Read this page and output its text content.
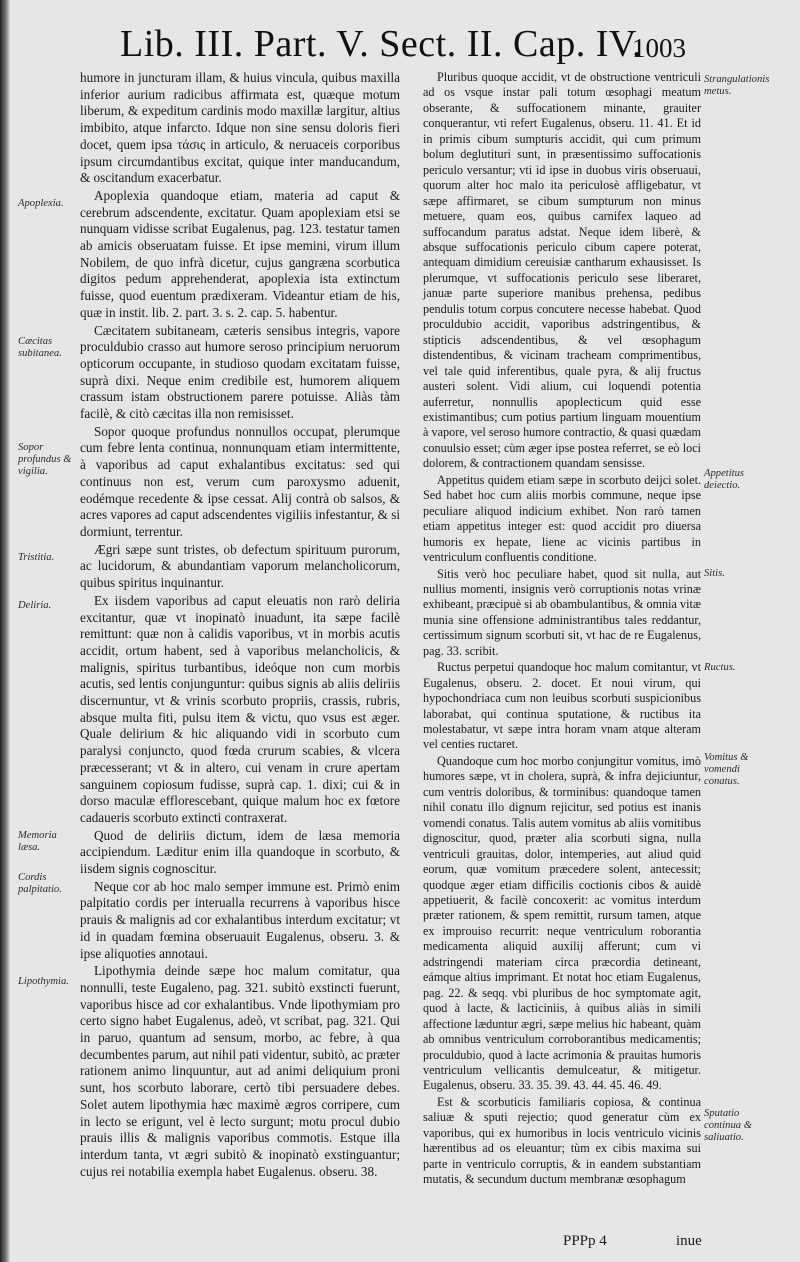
Lib. III. Part. V. Sect. II. Cap. IV.
1003

humore in juncturam illam, & huius vincula, quibus maxilla inferior aurium radicibus affirmata est, quæque motum liberum, & expeditum cardinis modo maxillæ largitur, altius imbibito, atque infarcto. Idque non sine sensu doloris fieri docet, quem ipsa τάσις in articulo, & neruaceis corporibus ipsum circumdantibus excitat, quique inter manducandum, & oscitandum exacerbatur.

Apoplexia quandoque etiam, materia ad caput & cerebrum adscendente, excitatur. Quam apoplexiam etsi se nunquam vidisse scribat Eugalenus, pag. 123. testatur tamen ab amicis obseruatam fuisse. Et ipse memini, virum illum Nobilem, de quo infrà dicetur, cujus gangræna scorbutica digitos pedum apprehenderat, apoplexia ista extinctum fuisse, quod euentum prædixeram. Videantur etiam de his, quæ in instit. lib. 2. part. 3. s. 2. cap. 5. habentur.

Cæcitatem subitaneam, cæteris sensibus integris, vapore proculdubio crasso aut humore seroso principium neruorum opticorum occupante, in studioso quodam excitatam fuisse, suprà dixi. Neque enim credibile est, humorem aliquem crassum istam obstructionem parere potuisse. Aliàs tàm facilè, & citò cæcitas illa non remisisset.

Sopor quoque profundus nonnullos occupat, plerumque cum febre lenta continua, nonnunquam etiam intermittente, à vaporibus ad caput exhalantibus excitatus: sed qui continuus non est, verum cum paroxysmo aduenit, eodémque recedente & ipse cessat. Alij contrà ob salsos, & acres vapores ad caput adscendentes vigiliis infestantur, & si dormiunt, terrentur.

Ægri sæpe sunt tristes, ob defectum spirituum purorum, ac lucidorum, & abundantiam vaporum melancholicorum, quibus spiritus inquinantur.

Ex iisdem vaporibus ad caput eleuatis non rarò deliria excitantur, quæ vt inopinatò inuadunt, ita sæpe facilè remittunt: quæ non à calidis vaporibus, vt in morbis acutis accidit, ortum habent, sed à vaporibus melancholicis, & malignis, spiritus turbantibus, ideóque non cum morbis acutis, sed lentis conjunguntur: quibus signis ab aliis deliriis discernuntur, vt & vrinis scorbuto propriis, crassis, rubris, absque multa fiti, pulsu item & victu, quo vsus est æger. Quale delirium & hic aliquando vidi in scorbuto cum paralysi conjuncto, quod fœda crurum scabies, & vlcera præcesserant; vt & in altero, cui venam in crure apertam sanguinem copiosum fudisse, suprà cap. 1. dixi; cui & in dorso maculæ efflorescebant, quique malum hoc ex fœtore cadaueris scorbuto extincti contraxerat.

Quod de deliriis dictum, idem de læsa memoria accipiendum. Læditur enim illa quandoque in scorbuto, & iisdem signis cognoscitur.

Neque cor ab hoc malo semper immune est. Primò enim palpitatio cordis per interualla recurrens à vaporibus hisce prauis & malignis ad cor exhalantibus interdum excitatur; vt id in quadam fœmina obseruauit Eugalenus, obseru. 3. & ipse aliquoties annotaui.

Lipothymia deinde sæpe hoc malum comitatur, qua nonnulli, teste Eugaleno, pag. 321. subitò exstincti fuerunt, vaporibus hisce ad cor exhalantibus. Vnde lipothymiam pro certo signo habet Eugalenus, adeò, vt scribat, pag. 321. Qui in paruo, quantum ad sensum, morbo, ac febre, à qua decumbentes parum, aut nihil pati videntur, subitò, ac præter rationem animo linquuntur, aut ad animi deliquium proni sunt, hos scorbuto laborare, certò tibi persuadere debes. Solet autem lipothymia hæc maximè ægros corripere, cum in lecto se erigunt, vel è lecto surgunt; motu procul dubio prauis illis & malignis vaporibus commotis. Estque illa interdum tanta, vt ægri subitò & inopinatò exstinguantur; cujus rei notabilia exempla habet Eugalenus. obseru. 38.

Pluribus quoque accidit, vt de obstructione ventriculi ad os vsque instar pali totum œsophagi meatum obserante, & suffocationem minante, grauiter conquerantur, vti refert Eugalenus, obseru. 11. 41. Et id in primis cibum sumpturis accidit, qui cum primum bolum deglutituri sunt, in præsentissimo suffocationis periculo versantur; vti id ipse in duobus viris obseruaui, quorum alter hoc malo ita periculosè affligebatur, vt sæpe affirmaret, se cibum sumpturum non minus metuere, quam eos, quibus carnifex laqueo ad suffocandum paratus adstat. Neque idem liberè, & absque suffocationis periculo cibum capere poterat, antequam dimidium cereuisiæ cantharum exhausisset. Is plerumque, vt suffocationis periculo sese liberaret, januæ parte superiore manibus prehensa, pedibus pendulis totum corpus concutere necesse habebat. Quod proculdubio accidit, vaporibus adstringentibus, & stipticis adscendentibus, & vel œsophagum distendentibus, & vicinam tracheam comprimentibus, vel tale quid inferentibus, quale pyra, & alij fructus austeri solent. Vidi alium, cui loquendi potentia auferretur, nonnullis apoplecticum quid esse existimantibus; cum potius partium linguam mouentium à vapore, vel seroso humore contractio, & quasi quædam conuulsio esset; cùm æger ipse postea referret, se eò loci dolorem, & contractionem quandam sensisse.

Appetitus quidem etiam sæpe in scorbuto deijci solet. Sed habet hoc cum aliis morbis commune, neque ipse peculiare aliquod indicium exhibet. Non rarò tamen etiam appetitus integer est: quod accidit pro diuersa humoris ex hepate, liene ac vicinis partibus in ventriculum confluentis conditione.

Sitis verò hoc peculiare habet, quod sit nulla, aut nullius momenti, insignis verò corruptionis notas vrinæ exhibeant, præcipuè si ab obambulantibus, & omnia vitæ munia sine offensione administrantibus tales reddantur, certissimum signum scorbuti sit, vt hac de re Eugalenus, pag. 33. scribit.

Ructus perpetui quandoque hoc malum comitantur, vt Eugalenus, obseru. 2. docet. Et noui virum, qui hypochondriaca cum non leuibus scorbuti suspicionibus laborabat, qui continua sputatione, & ructibus ita molestabatur, vt sæpe intra horam vnam atque alteram vel centies ructaret.

Quandoque cum hoc morbo conjungitur vomitus, imò humores sæpe, vt in cholera, suprà, & infra dejiciuntur, cum ventris doloribus, & torminibus: quandoque tamen nihil conatu illo dignum rejicitur, sed potius est inanis vomendi conatus. Talis autem vomitus ab aliis vomitibus dignoscitur, quod, præter alia scorbuti signa, nulla ventriculi grauitas, dolor, intemperies, aut aliud quid eorum, quæ vomitum præcedere solent, antecessit; quodque æger etiam difficilis coctionis cibos & auidè appetiuerit, & facilè concoxerit: ac vomitus interdum præter rationem, & spem remittit, rursum tamen, atque ex improuiso recurrit: neque ventriculum roborantia medicamenta aliquid auxilij afferunt; cum vi adstringendi materiam circa præcordia detineant, eámque altius imprimant. Et notat hoc etiam Eugalenus, pag. 22. & seqq. vbi pluribus de hoc symptomate agit, quod à lacte, & lacticiniis, à quibus aliàs in simili affectione læduntur ægri, sæpe melius hic habeant, quàm ab omnibus ventriculum corroborantibus medicamentis; proculdubio, quod à lacte acrimonia & prauitas humoris ventriculum vellicantis demulceatur, & mitigetur. Eugalenus, obseru. 33. 35. 39. 43. 44. 45. 46. 49.

Est & scorbuticis familiaris copiosa, & continua saliuæ & sputi rejectio; quod generatur cùm ex vaporibus, qui ex humoribus in locis ventriculo vicinis hærentibus ad os eleuantur; tùm ex cibis maxima sui parte in ventriculo corruptis, & in eandem substantiam mutatis, & secundum ductum membranæ œsophagum

Apoplexia.
Cæcitas subitanea.
Sopor profundus & vigilia.
Tristitia.
Deliria.
Memoria læsa.
Cordis palpitatio.
Lipothymia.
Strangulationis metus.
Appetitus deiectio.
Sitis.
Ructus.
Vomitus & vomendi conatus.
Sputatio continua & saliuatio.
PPPp 4	inue
